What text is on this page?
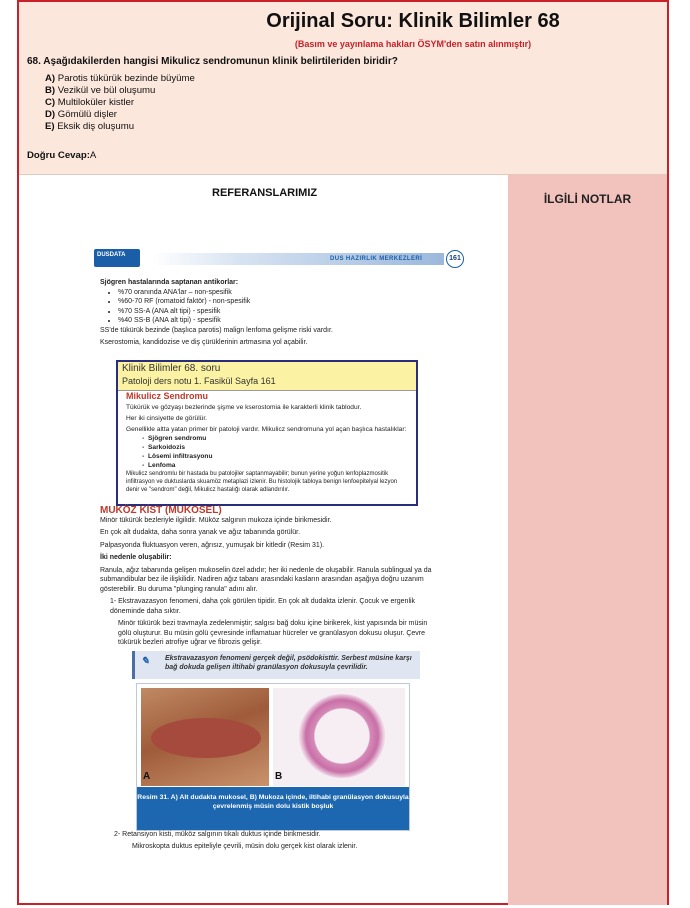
Orijinal Soru: Klinik Bilimler 68
(Basım ve yayınlama hakları ÖSYM'den satın alınmıştır)
68. Aşağıdakilerden hangisi Mikulicz sendromunun klinik belirtileriden biridir?
A) Parotis tükürük bezinde büyüme
B) Vezikül ve bül oluşumu
C) Multiloküler kistler
D) Gömülü dişler
E) Eksik diş oluşumu
Doğru Cevap:A
REFERANSLARIMIZ	İLGİLİ NOTLAR
DUSDATA
DUS HAZIRLIK MERKEZLERİ	161
Sjögren hastalarında saptanan antikorlar:
• %70 oranında ANA'lar – non-spesifik
• %60-70 RF (romatoid faktör) - non-spesifik
• %70 SS-A (ANA alt tipi) - spesifik
• %40 SS-B (ANA alt tipi) - spesifik
SS'de tükürük bezinde (başlıca parotis) malign lenfoma gelişme riski vardır.
Kserostomia, kandidozise ve diş çürüklerinin artmasına yol açabilir.
Klinik Bilimler 68. soru
Patoloji ders notu 1. Fasikül Sayfa 161
Mikulicz Sendromu
Tükürük ve gözyaşı bezlerinde şişme ve kserostomia ile karakterli klinik tablodur.
Her iki cinsiyette de görülür.
Genellikle altta yatan primer bir patoloji vardır. Mikulicz sendromuna yol açan başlıca hastalıklar:
- Sjögren sendromu
- Sarkoidozis
- Lösemi infiltrasyonu
- Lenfoma
Mikulicz sendromlu bir hastada bu patolojiler saptanmayabilir; bunun yerine yoğun lenfoplazmositik infiltrasyon ve duktuslarda skuamöz metaplazi izlenir. Bu histolojik tabloya benign lenfoepitelyal lezyon denir ve "sendrom" değil, Mikulicz hastalığı olarak adlandırılır.
MUKÖZ KİST (MUKOSEL)
Minör tükürük bezleriyle ilgilidir. Müköz salgının mukoza içinde birikmesidir.
En çok alt dudakta, daha sonra yanak ve ağız tabanında görülür.
Palpasyonda fluktuasyon veren, ağrısız, yumuşak bir kitledir (Resim 31).
İki nedenle oluşabilir:
Ranula, ağız tabanında gelişen mukoselin özel adıdır; her iki nedenle de oluşabilir. Ranula sublingual ya da submandibular bez ile ilişkilidir. Nadiren ağız tabanı arasındaki kasların arasından aşağıya doğru uzanım gösterebilir. Bu duruma "plunging ranula" adını alır.
1- Ekstravazasyon fenomeni, daha çok görülen tipidir. En çok alt dudakta izlenir. Çocuk ve ergenlik döneminde daha sıktır.
Minör tükürük bezi travmayla zedelenmiştir; salgısı bağ doku içine birikerek, kist yapısında bir müsin gölü oluşturur. Bu müsin gölü çevresinde inflamatuar hücreler ve granülasyon dokusu oluşur. Çevre tükürük bezleri atrofiye uğrar ve fibrozis gelişir.
✎ Ekstravazasyon fenomeni gerçek değil, psödokisttir. Serbest müsine karşı bağ dokuda gelişen iltihabi granülasyon dokusuyla çevrilidir.
A	B
Resim 31. A) Alt dudakta mukosel, B) Mukoza içinde, iltihabi granülasyon dokusuyla çevrelenmiş müsin dolu kistik boşluk
2- Retansiyon kisti, müköz salgının tıkalı duktus içinde birikmesidir.
Mikroskopta duktus epiteliyle çevrili, müsin dolu gerçek kist olarak izlenir.
